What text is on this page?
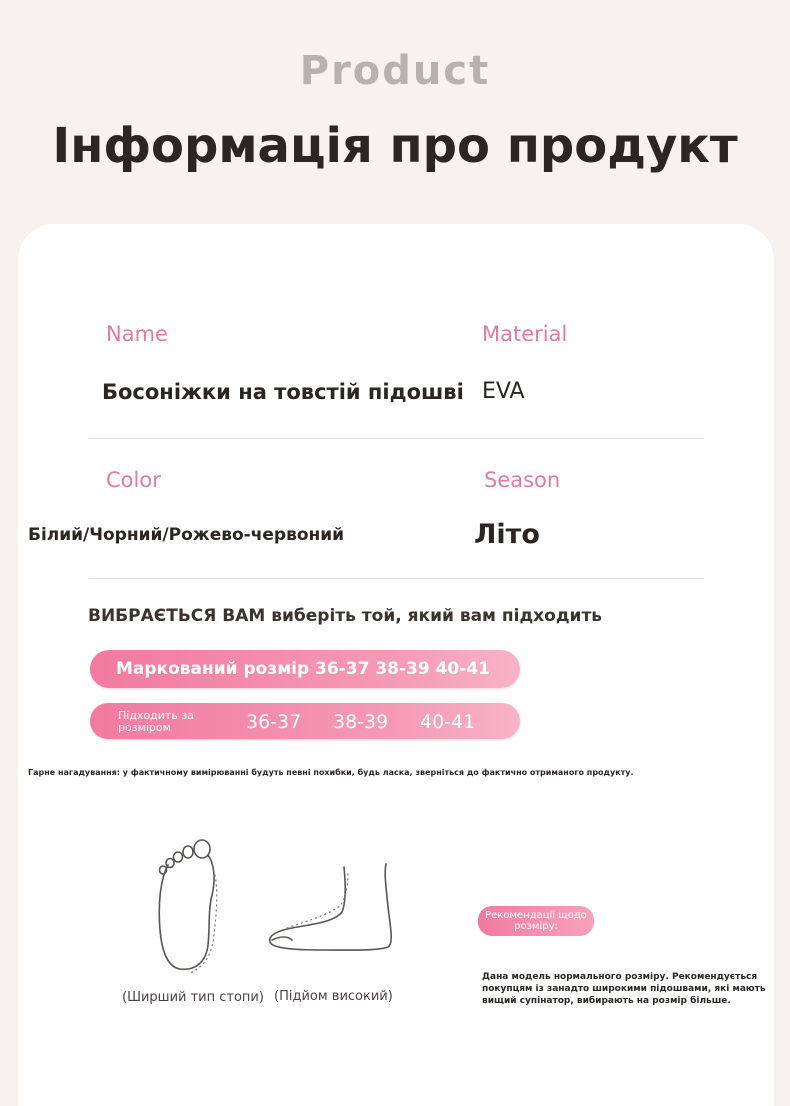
Product
Інформація про продукт
Name
Босоніжки на товстій підошві
Material
EVA
Color
Білий/Чорний/Рожево-червоний
Season
Літо
ВИБРАЄТЬСЯ ВАМ виберіть той, який вам підходить
Маркований розмір 36-37 38-39 40-41
Підходить за розміром	36-37 38-39 40-41
Гарне нагадування: у фактичному вимірюванні будуть певні похибки, будь ласка, зверніться до фактично отриманого продукту.
(Ширший тип стопи) (Підйом високий)
Рекомендації щодо розміру:
Дана модель нормального розміру. Рекомендується покупцям із занадто широкими підошвами, які мають вищий супінатор, вибирають на розмір більше.
